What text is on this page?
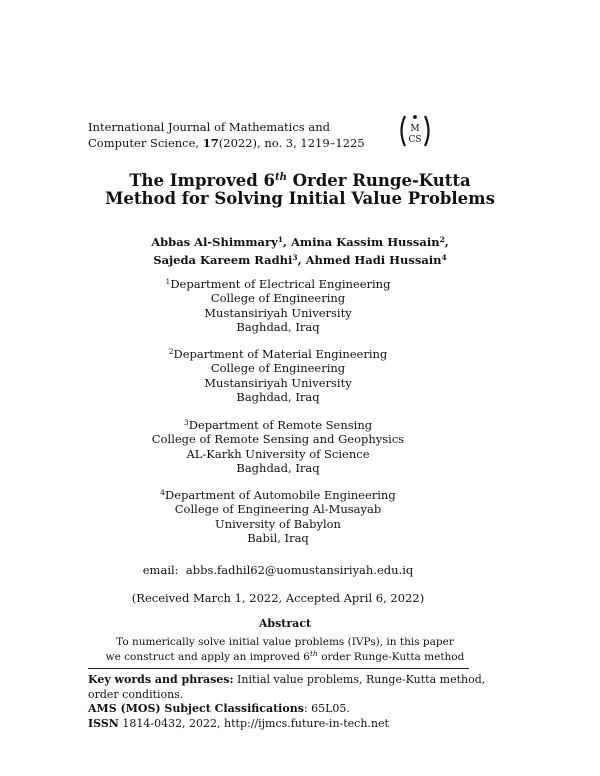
International Journal of Mathematics and
Computer Science, 17(2022), no. 3, 1219–1225
M
CS
The Improved 6th Order Runge-Kutta
Method for Solving Initial Value Problems
Abbas Al-Shimmary$^1$, Amina Kassim Hussain$^2$,
Sajeda Kareem Radhi$^3$, Ahmed Hadi Hussain$^4$
$^1$Department of Electrical Engineering
College of Engineering
Mustansiriyah University
Baghdad, Iraq
$^2$Department of Material Engineering
College of Engineering
Mustansiriyah University
Baghdad, Iraq
$^3$Department of Remote Sensing
College of Remote Sensing and Geophysics
AL-Karkh University of Science
Baghdad, Iraq
$^4$Department of Automobile Engineering
College of Engineering Al-Musayab
University of Babylon
Babil, Iraq
email: abbs.fadhil62@uomustansiriyah.edu.iq
(Received March 1, 2022, Accepted April 6, 2022)
Abstract
To numerically solve initial value problems (IVPs), in this paper
we construct and apply an improved 6th order Runge-Kutta method
Key words and phrases: Initial value problems, Runge-Kutta method,
order conditions.
AMS (MOS) Subject Classifications: 65L05.
ISSN 1814-0432, 2022, http://ijmcs.future-in-tech.net
